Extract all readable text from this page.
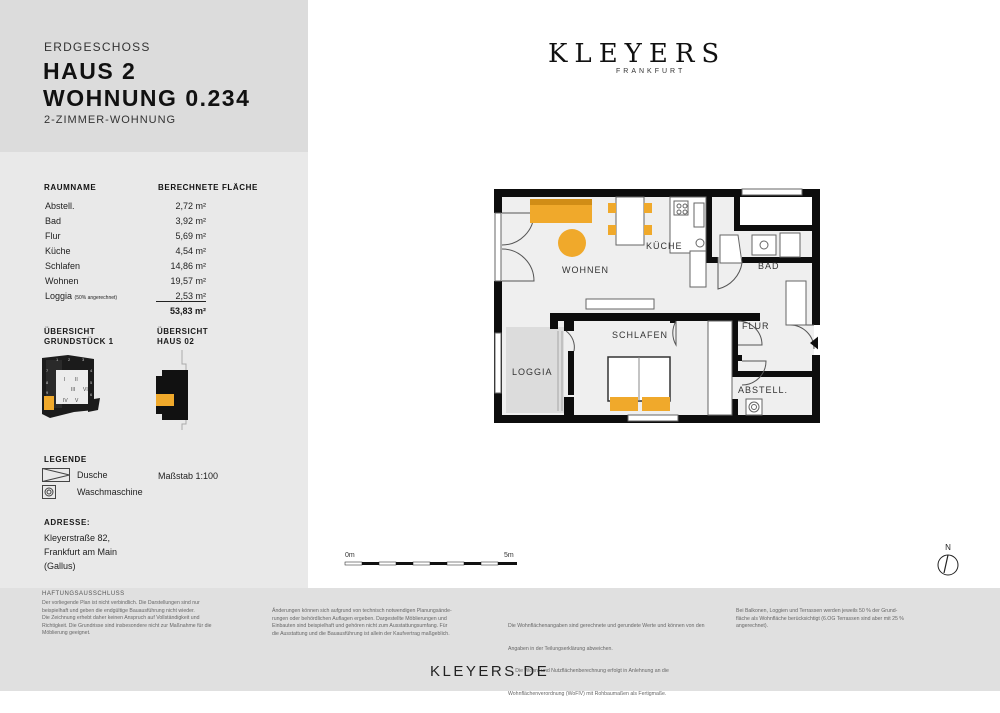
ERDGESCHOSS
HAUS 2
WOHNUNG 0.234
2-ZIMMER-WOHNUNG
RAUMNAME	BERECHNETE FLÄCHE
Abstell.	2,72 m²
Bad	3,92 m²
Flur	5,69 m²
Küche	4,54 m²
Schlafen	14,86 m²
Wohnen	19,57 m²
Loggia (50% angerechnet)	2,53 m²
53,83 m²
ÜBERSICHT GRUNDSTÜCK 1
ÜBERSICHT HAUS 02
I II
III
IV V
VI
1 2	3
4
5
6
7
8
9
LEGENDE
Dusche
Waschmaschine
Maßstab 1:100
ADRESSE:
Kleyerstraße 82,
Frankfurt am Main
(Gallus)
KLEYERS
FRANKFURT
WOHNEN
KÜCHE
BAD
FLUR
SCHLAFEN
LOGGIA
ABSTELL.
0m	5m
N
HAFTUNGSAUSSCHLUSS
Der vorliegende Plan ist nicht verbindlich. Die Darstellungen sind nur
beispielhaft und geben die endgültige Bauausführung nicht wieder.
Die Zeichnung erhebt daher keinen Anspruch auf Vollständigkeit und
Richtigkeit. Die Grundrisse sind insbesondere nicht zur Maßnahme für die
Möblierung geeignet.
Änderungen können sich aufgrund von technisch notwendigen Planungsände-
rungen oder behördlichen Auflagen ergeben. Dargestellte Möblierungen und
Einbauten sind beispielhaft und gehören nicht zum Ausstattungsumfang. Für
die Ausstattung und die Bauausführung ist allein der Kaufvertrag maßgeblich.

Die Wohnflächenangaben sind gerechnete und gerundete Werte und können von den

Angaben in der Teilungserklärung abweichen.

Die Wohn- und Nutzflächenberechnung erfolgt in Anlehnung an die

Wohnflächenverordnung (WoFlV) mit Rohbaumaßen als Fertigmaße.

Bei Balkonen, Loggien und Terrassen werden jeweils 50 % der Grund-
fläche als Wohnfläche berücksichtigt (6.OG Terrassen sind aber mit 25 %
angerechnet).
KLEYERS.DE
